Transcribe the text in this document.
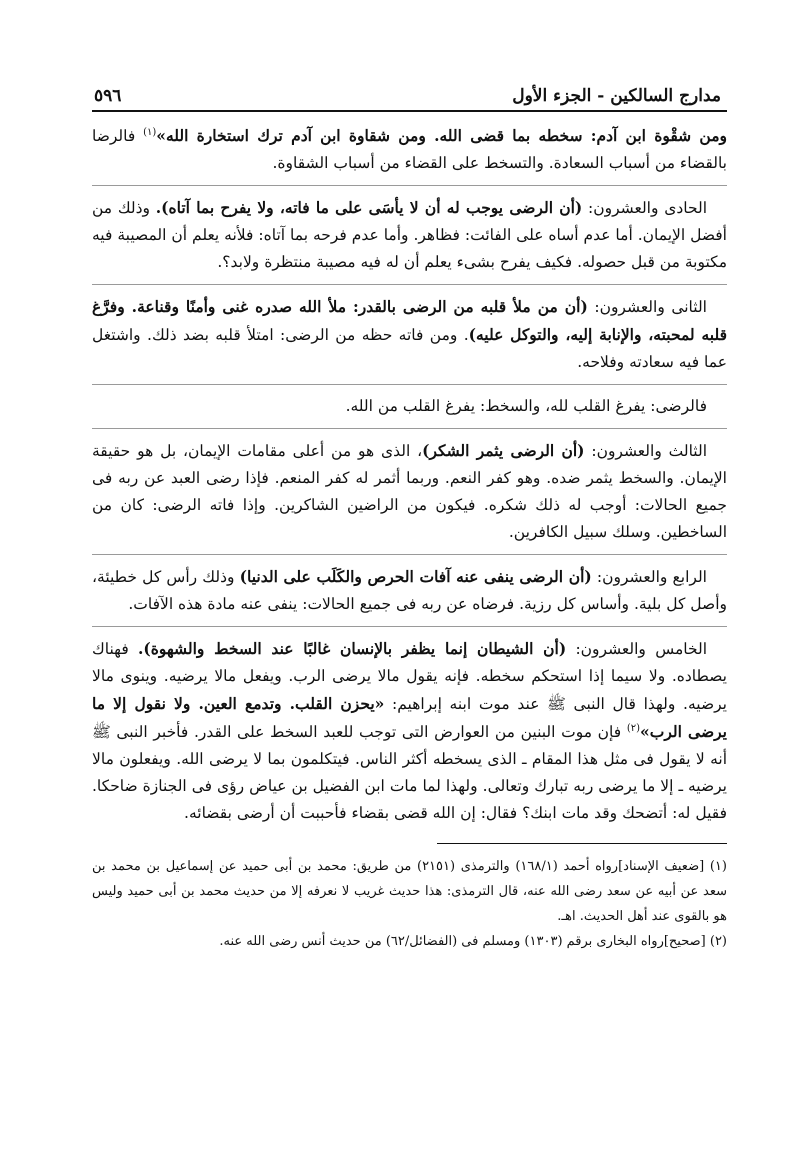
مدارج السالكين - الجزء الأول
٥٩٦

ومن شقْوة ابن آدم: سخطه بما قضى الله. ومن شقاوة ابن آدم ترك استخارة الله»$^{(١)}$ فالرضا بالقضاء من أسباب السعادة. والتسخط على القضاء من أسباب الشقاوة.

الحادى والعشرون: (أن الرضى يوجب له أن لا يأسَى على ما فاته، ولا يفرح بما آتاه). وذلك من أفضل الإيمان. أما عدم أساه على الفائت: فظاهر. وأما عدم فرحه بما آتاه: فلأنه يعلم أن المصيبة فيه مكتوبة من قبل حصوله. فكيف يفرح بشىء يعلم أن له فيه مصيبة منتظرة ولابد؟.

الثانى والعشرون: (أن من ملأ قلبه من الرضى بالقدر: ملأ الله صدره غنى وأمنًا وقناعة. وفرَّغ قلبه لمحبته، والإنابة إليه، والتوكل عليه). ومن فاته حظه من الرضى: امتلأ قلبه بضد ذلك. واشتغل عما فيه سعادته وفلاحه.

فالرضى: يفرغ القلب لله، والسخط: يفرغ القلب من الله.

الثالث والعشرون: (أن الرضى يثمر الشكر)، الذى هو من أعلى مقامات الإيمان، بل هو حقيقة الإيمان. والسخط يثمر ضده. وهو كفر النعم. وربما أثمر له كفر المنعم. فإذا رضى العبد عن ربه فى جميع الحالات: أوجب له ذلك شكره. فيكون من الراضين الشاكرين. وإذا فاته الرضى: كان من الساخطين. وسلك سبيل الكافرين.

الرابع والعشرون: (أن الرضى ينفى عنه آفات الحرص والكَلَب على الدنيا) وذلك رأس كل خطيئة، وأصل كل بلية. وأساس كل رزية. فرضاه عن ربه فى جميع الحالات: ينفى عنه مادة هذه الآفات.

الخامس والعشرون: (أن الشيطان إنما يظفر بالإنسان غالبًا عند السخط والشهوة). فهناك يصطاده. ولا سيما إذا استحكم سخطه. فإنه يقول مالا يرضى الرب. ويفعل مالا يرضيه. وينوى مالا يرضيه. ولهذا قال النبى ﷺ عند موت ابنه إبراهيم: «يحزن القلب. وتدمع العين. ولا نقول إلا ما يرضى الرب»$^{(٢)}$ فإن موت البنين من العوارض التى توجب للعبد السخط على القدر. فأخبر النبى ﷺ أنه لا يقول فى مثل هذا المقام ـ الذى يسخطه أكثر الناس. فيتكلمون بما لا يرضى الله. ويفعلون مالا يرضيه ـ إلا ما يرضى ربه تبارك وتعالى. ولهذا لما مات ابن الفضيل بن عياض رؤى فى الجنازة ضاحكا. فقيل له: أتضحك وقد مات ابنك؟ فقال: إن الله قضى بقضاء فأحببت أن أرضى بقضائه.

(١) [ضعيف الإسناد]رواه أحمد (١٦٨/١) والترمذى (٢١٥١) من طريق: محمد بن أبى حميد عن إسماعيل بن محمد بن سعد عن أبيه عن سعد رضى الله عنه، قال الترمذى: هذا حديث غريب لا نعرفه إلا من حديث محمد بن أبى حميد وليس هو بالقوى عند أهل الحديث. اهـ.

(٢) [صحيح]رواه البخارى برقم (١٣٠٣) ومسلم فى (الفضائل/٦٢) من حديث أنس رضى الله عنه.
